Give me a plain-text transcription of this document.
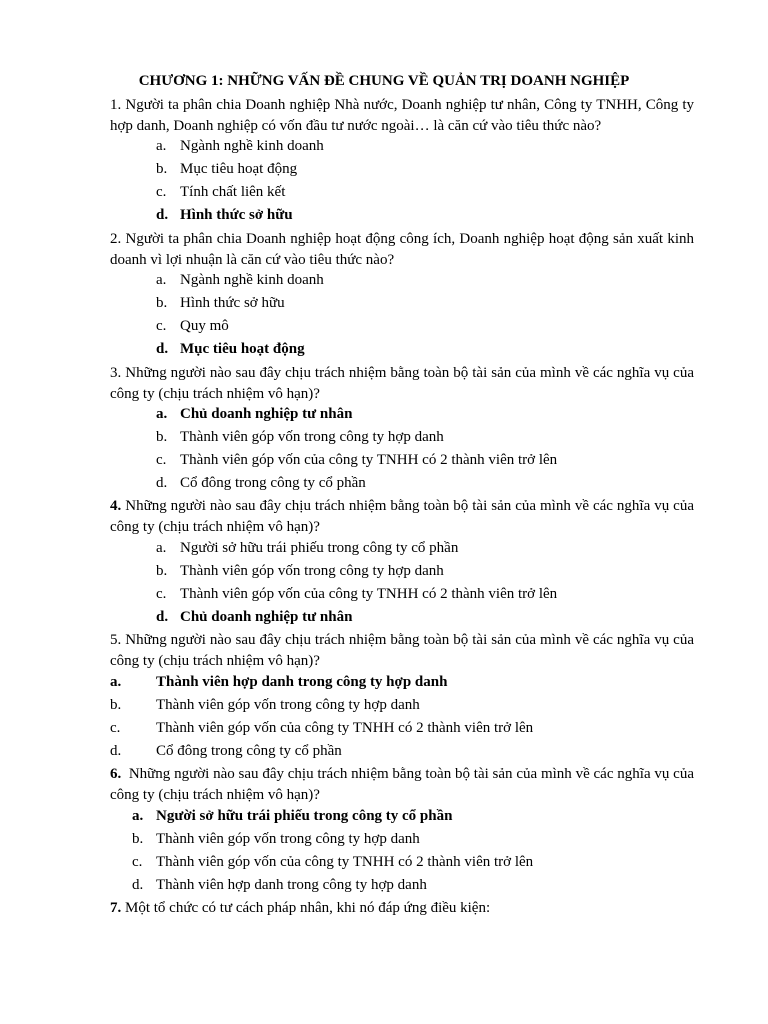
CHƯƠNG 1: NHỮNG VẤN ĐỀ CHUNG VỀ QUẢN TRỊ DOANH NGHIỆP
1. Người ta phân chia Doanh nghiệp Nhà nước, Doanh nghiệp tư nhân, Công ty TNHH, Công ty hợp danh, Doanh nghiệp có vốn đầu tư nước ngoài… là căn cứ vào tiêu thức nào?
a. Ngành nghề kinh doanh
b. Mục tiêu hoạt động
c. Tính chất liên kết
d. Hình thức sở hữu
2. Người ta phân chia Doanh nghiệp hoạt động công ích, Doanh nghiệp hoạt động sản xuất kinh doanh vì lợi nhuận là căn cứ vào tiêu thức nào?
a. Ngành nghề kinh doanh
b. Hình thức sở hữu
c. Quy mô
d. Mục tiêu hoạt động
3. Những người nào sau đây chịu trách nhiệm bằng toàn bộ tài sản của mình về các nghĩa vụ của công ty (chịu trách nhiệm vô hạn)?
a. Chủ doanh nghiệp tư nhân
b. Thành viên góp vốn trong công ty hợp danh
c. Thành viên góp vốn của công ty TNHH có 2 thành viên trở lên
d. Cổ đông trong công ty cổ phần
4. Những người nào sau đây chịu trách nhiệm bằng toàn bộ tài sản của mình về các nghĩa vụ của công ty (chịu trách nhiệm vô hạn)?
a. Người sở hữu trái phiếu trong công ty cổ phần
b. Thành viên góp vốn trong công ty hợp danh
c. Thành viên góp vốn của công ty TNHH có 2 thành viên trở lên
d. Chủ doanh nghiệp tư nhân
5. Những người nào sau đây chịu trách nhiệm bằng toàn bộ tài sản của mình về các nghĩa vụ của công ty (chịu trách nhiệm vô hạn)?
a. Thành viên hợp danh trong công ty hợp danh
b. Thành viên góp vốn trong công ty hợp danh
c. Thành viên góp vốn của công ty TNHH có 2 thành viên trở lên
d. Cổ đông trong công ty cổ phần
6. Những người nào sau đây chịu trách nhiệm bằng toàn bộ tài sản của mình về các nghĩa vụ của công ty (chịu trách nhiệm vô hạn)?
a. Người sở hữu trái phiếu trong công ty cổ phần
b. Thành viên góp vốn trong công ty hợp danh
c. Thành viên góp vốn của công ty TNHH có 2 thành viên trở lên
d. Thành viên hợp danh trong công ty hợp danh
7. Một tổ chức có tư cách pháp nhân, khi nó đáp ứng điều kiện:
